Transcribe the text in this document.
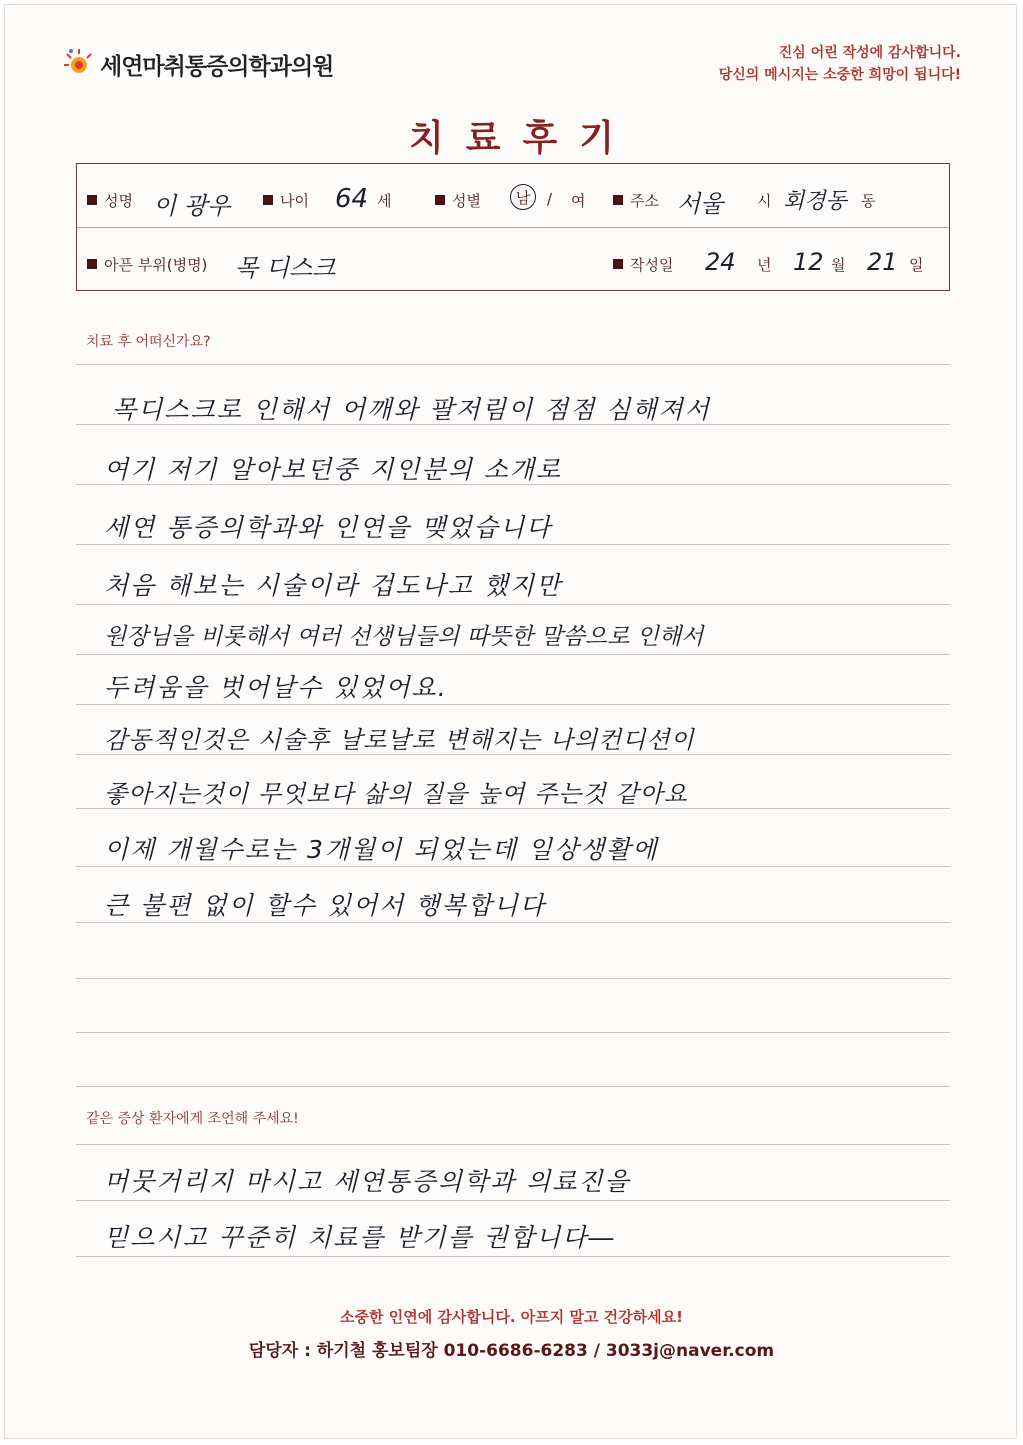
세연마취통증의학과의원	진심 어린 작성에 감사합니다.
당신의 메시지는 소중한 희망이 됩니다!
치료후기
성명 이 광우	나이 64 세	성별	남	/ 여	주소 서울 시 회경동 동
아픈 부위(병명) 목 디스크	작성일 24 년 12 월 21 일
치료 후 어떠신가요?
목디스크로 인해서 어깨와 팔저림이 점점 심해져서
여기 저기 알아보던중 지인분의 소개로
세연 통증의학과와 인연을 맺었습니다
처음 해보는 시술이라 겁도나고 했지만
원장님을 비롯해서 여러 선생님들의 따뜻한 말씀으로 인해서
두려움을 벗어날수 있었어요.
감동적인것은 시술후 날로날로 변해지는 나의컨디션이
좋아지는것이 무엇보다 삶의 질을 높여 주는것 같아요
이제 개월수로는 3개월이 되었는데 일상생활에
큰 불편 없이 할수 있어서 행복합니다
같은 증상 환자에게 조언해 주세요!
머뭇거리지 마시고 세연통증의학과 의료진을
믿으시고 꾸준히 치료를 받기를 권합니다―
소중한 인연에 감사합니다. 아프지 말고 건강하세요!
담당자 : 하기철 홍보팀장 010-6686-6283 / 3033j@naver.com
